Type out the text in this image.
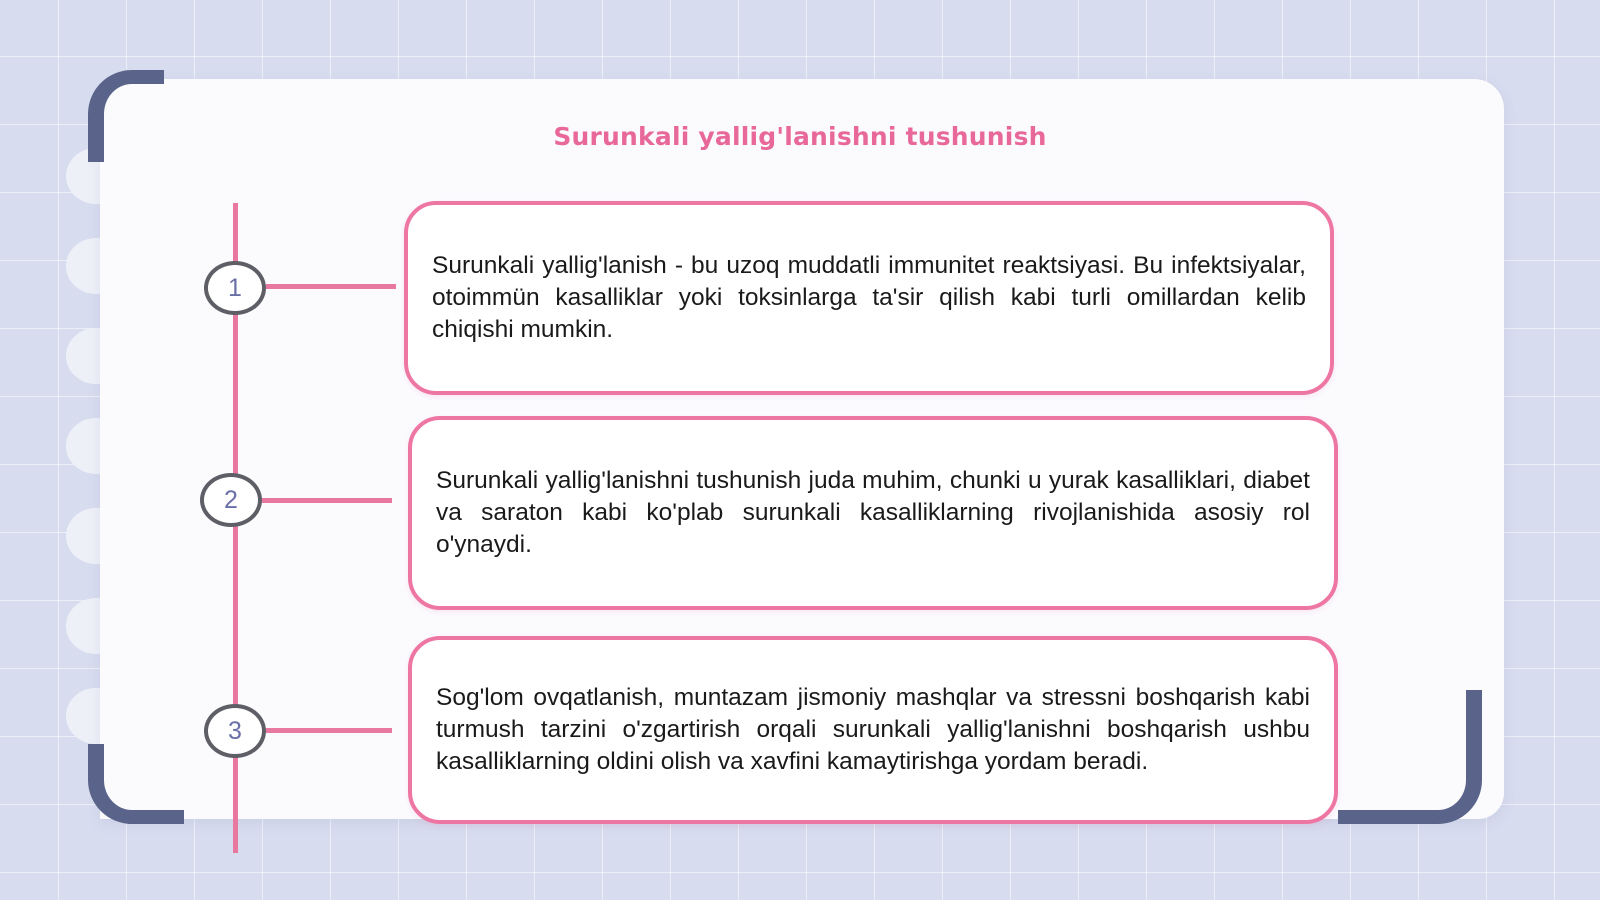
Surunkali yallig'lanishni tushunish
1

Surunkali yallig'lanish - bu uzoq muddatli immunitet reaktsiyasi. Bu infektsiyalar, otoimmün kasalliklar yoki toksinlarga ta'sir qilish kabi turli omillardan kelib chiqishi mumkin.

2

Surunkali yallig'lanishni tushunish juda muhim, chunki u yurak kasalliklari, diabet va saraton kabi ko'plab surunkali kasalliklarning rivojlanishida asosiy rol o'ynaydi.

3

Sog'lom ovqatlanish, muntazam jismoniy mashqlar va stressni boshqarish kabi turmush tarzini o'zgartirish orqali surunkali yallig'lanishni boshqarish ushbu kasalliklarning oldini olish va xavfini kamaytirishga yordam beradi.
